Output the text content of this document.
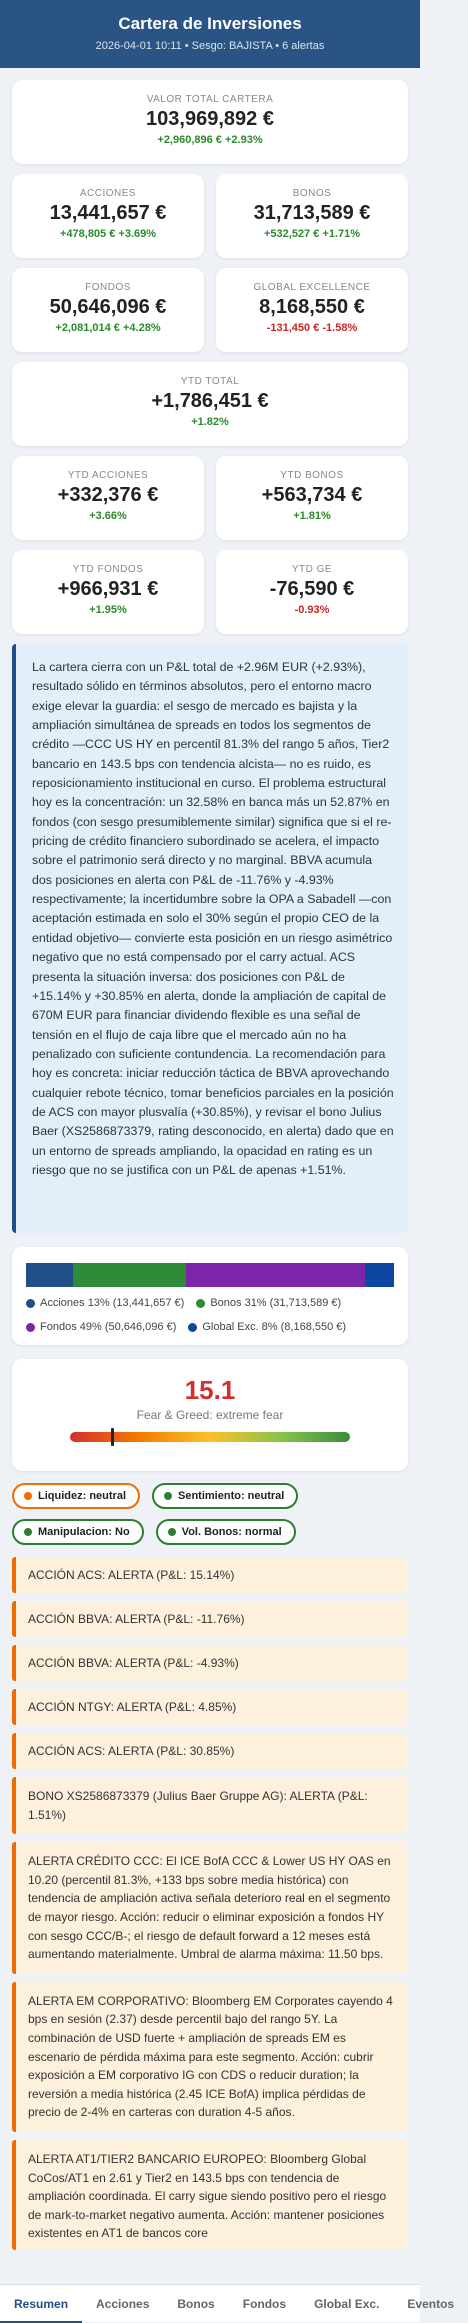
Cartera de Inversiones
2026-04-01 10:11 • Sesgo: BAJISTA • 6 alertas
VALOR TOTAL CARTERA
103,969,892 €
+2,960,896 € +2.93%
ACCIONES
13,441,657 €
+478,805 € +3.69%
BONOS
31,713,589 €
+532,527 € +1.71%
FONDOS
50,646,096 €
+2,081,014 € +4.28%
GLOBAL EXCELLENCE
8,168,550 €
-131,450 € -1.58%
YTD TOTAL
+1,786,451 €
+1.82%
YTD ACCIONES
+332,376 €
+3.66%
YTD BONOS
+563,734 €
+1.81%
YTD FONDOS
+966,931 €
+1.95%
YTD GE
-76,590 €
-0.93%
La cartera cierra con un P&L total de +2.96M EUR (+2.93%), resultado sólido en términos absolutos, pero el entorno macro exige elevar la guardia: el sesgo de mercado es bajista y la ampliación simultánea de spreads en todos los segmentos de crédito —CCC US HY en percentil 81.3% del rango 5 años, Tier2 bancario en 143.5 bps con tendencia alcista— no es ruido, es reposicionamiento institucional en curso. El problema estructural hoy es la concentración: un 32.58% en banca más un 52.87% en fondos (con sesgo presumiblemente similar) significa que si el re-pricing de crédito financiero subordinado se acelera, el impacto sobre el patrimonio será directo y no marginal. BBVA acumula dos posiciones en alerta con P&L de -11.76% y -4.93% respectivamente; la incertidumbre sobre la OPA a Sabadell —con aceptación estimada en solo el 30% según el propio CEO de la entidad objetivo— convierte esta posición en un riesgo asimétrico negativo que no está compensado por el carry actual. ACS presenta la situación inversa: dos posiciones con P&L de +15.14% y +30.85% en alerta, donde la ampliación de capital de 670M EUR para financiar dividendo flexible es una señal de tensión en el flujo de caja libre que el mercado aún no ha penalizado con suficiente contundencia. La recomendación para hoy es concreta: iniciar reducción táctica de BBVA aprovechando cualquier rebote técnico, tomar beneficios parciales en la posición de ACS con mayor plusvalía (+30.85%), y revisar el bono Julius Baer (XS2586873379, rating desconocido, en alerta) dado que en un entorno de spreads ampliando, la opacidad en rating es un riesgo que no se justifica con un P&L de apenas +1.51%.
Acciones 13% (13,441,657 €) Bonos 31% (31,713,589 €)
Fondos 49% (50,646,096 €) Global Exc. 8% (8,168,550 €)
15.1
Fear & Greed: extreme fear
Liquidez: neutral	Sentimiento: neutral
Manipulacion: No	Vol. Bonos: normal
ACCIÓN ACS: ALERTA (P&L: 15.14%)
ACCIÓN BBVA: ALERTA (P&L: -11.76%)
ACCIÓN BBVA: ALERTA (P&L: -4.93%)
ACCIÓN NTGY: ALERTA (P&L: 4.85%)
ACCIÓN ACS: ALERTA (P&L: 30.85%)
BONO XS2586873379 (Julius Baer Gruppe AG): ALERTA (P&L: 1.51%)
ALERTA CRÉDITO CCC: El ICE BofA CCC & Lower US HY OAS en 10.20 (percentil 81.3%, +133 bps sobre media histórica) con tendencia de ampliación activa señala deterioro real en el segmento de mayor riesgo. Acción: reducir o eliminar exposición a fondos HY con sesgo CCC/B-; el riesgo de default forward a 12 meses está aumentando materialmente. Umbral de alarma máxima: 11.50 bps.
ALERTA EM CORPORATIVO: Bloomberg EM Corporates cayendo 4 bps en sesión (2.37) desde percentil bajo del rango 5Y. La combinación de USD fuerte + ampliación de spreads EM es escenario de pérdida máxima para este segmento. Acción: cubrir exposición a EM corporativo IG con CDS o reducir duration; la reversión a media histórica (2.45 ICE BofA) implica pérdidas de precio de 2-4% en carteras con duration 4-5 años.
ALERTA AT1/TIER2 BANCARIO EUROPEO: Bloomberg Global CoCos/AT1 en 2.61 y Tier2 en 143.5 bps con tendencia de ampliación coordinada. El carry sigue siendo positivo pero el riesgo de mark-to-market negativo aumenta. Acción: mantener posiciones existentes en AT1 de bancos core
Resumen	Acciones	Bonos	Fondos	Global Exc.	Eventos
